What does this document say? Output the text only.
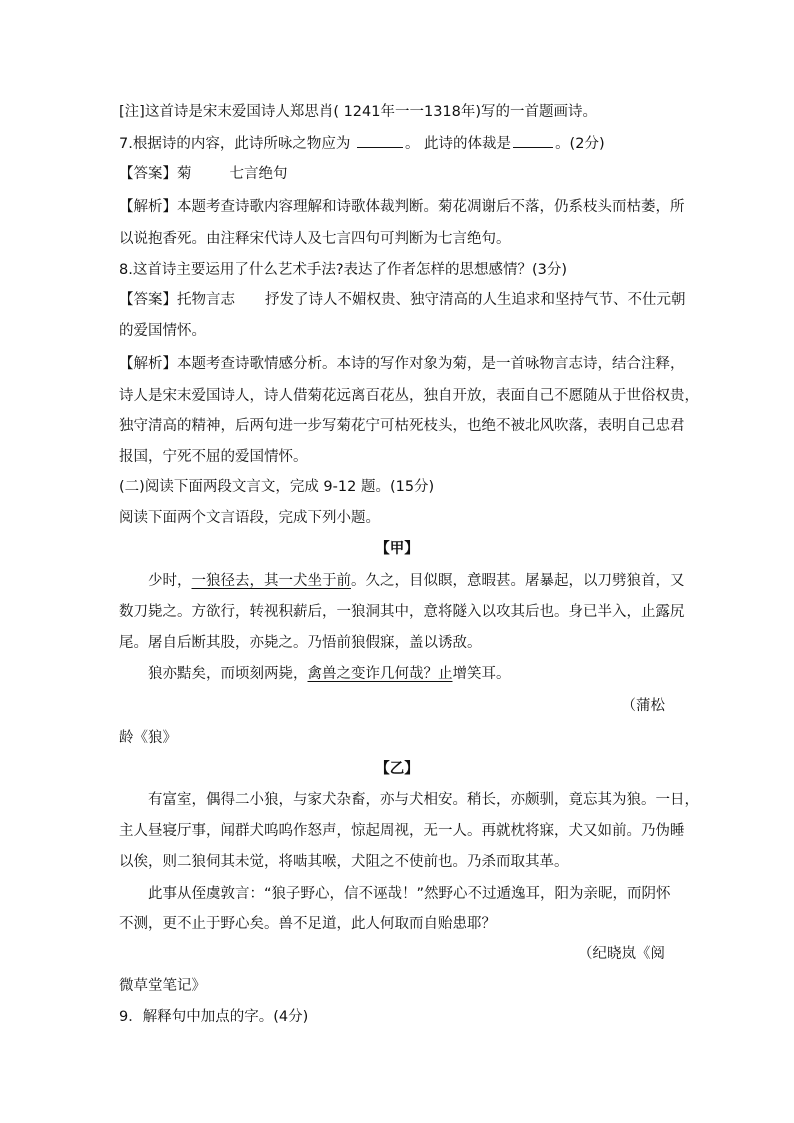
[注]这首诗是宋末爱国诗人郑思肖( 1241年一一1318年)写的一首题画诗。
7.根据诗的内容，此诗所咏之物应为	。 此诗的体裁是	。(2分)
【答案】菊	七言绝句
【解析】本题考查诗歌内容理解和诗歌体裁判断。菊花凋谢后不落，仍系枝头而枯萎，所
以说抱香死。由注释宋代诗人及七言四句可判断为七言绝句。
8.这首诗主要运用了什么艺术手法?表达了作者怎样的思想感情？(3分)
【答案】托物言志 抒发了诗人不媚权贵、独守清高的人生追求和坚持气节、不仕元朝
的爱国情怀。
【解析】本题考查诗歌情感分析。本诗的写作对象为菊，是一首咏物言志诗，结合注释，
诗人是宋末爱国诗人，诗人借菊花远离百花丛，独自开放，表面自己不愿随从于世俗权贵，
独守清高的精神，后两句进一步写菊花宁可枯死枝头，也绝不被北风吹落，表明自己忠君
报国，宁死不屈的爱国情怀。
(二)阅读下面两段文言文，完成 9-12 题。(15分)
阅读下面两个文言语段，完成下列小题。
【甲】
少时，一狼径去，其一犬坐于前。久之，目似瞑，意暇甚。屠暴起，以刀劈狼首，又
数刀毙之。方欲行，转视积薪后，一狼洞其中，意将隧入以攻其后也。身已半入，止露尻
尾。屠自后断其股，亦毙之。乃悟前狼假寐，盖以诱敌。
狼亦黠矣，而顷刻两毙，禽兽之变诈几何哉？止增笑耳。
（蒲松
龄《狼》
【乙】
有富室，偶得二小狼，与家犬杂畜，亦与犬相安。稍长，亦颇驯，竟忘其为狼。一日，
主人昼寝厅事，闻群犬呜呜作怒声，惊起周视，无一人。再就枕将寐，犬又如前。乃伪睡
以俟，则二狼伺其未觉，将啮其喉，犬阻之不使前也。乃杀而取其革。
此事从侄虞敦言：“狼子野心，信不诬哉！”然野心不过遁逸耳，阳为亲昵，而阴怀
不测，更不止于野心矣。兽不足道，此人何取而自贻患耶？
（纪晓岚《阅
微草堂笔记》
9．解释句中加点的字。(4分)
